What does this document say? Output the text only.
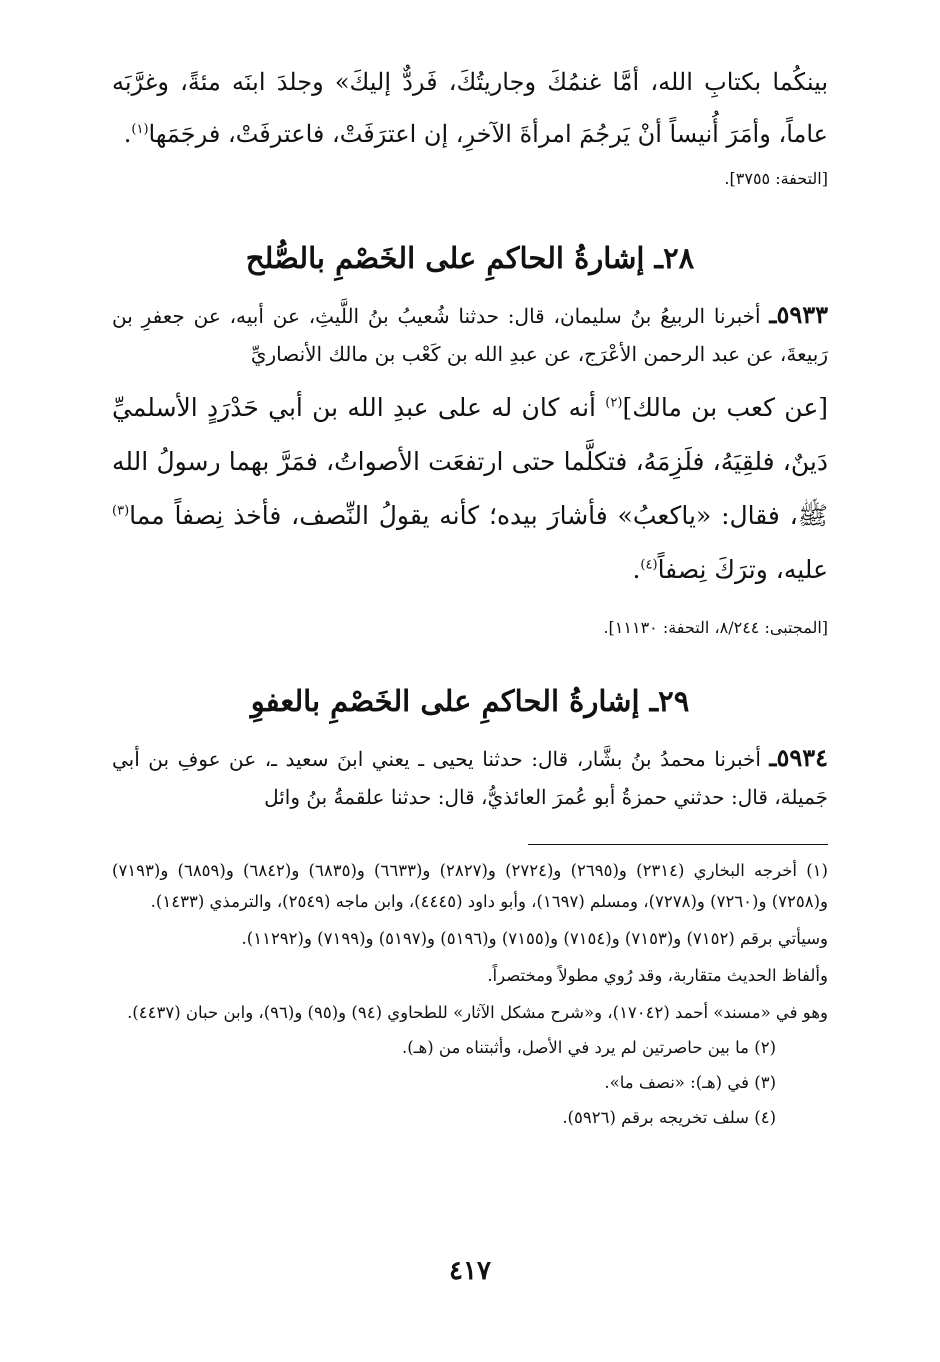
بينكُما بكتابِ الله، أمَّا غنمُكَ وجاريتُكَ، فَردٌّ إليكَ» وجلدَ ابنَه مئةً، وغرَّبَه عاماً، وأمَرَ أُنيساً أنْ يَرجُمَ امرأةَ الآخرِ، إن اعترَفَتْ، فاعترفَتْ، فرجَمَها$^{(١)}$.

[التحفة: ٣٧٥٥].

٢٨ـ إشارةُ الحاكمِ على الخَصْمِ بالصُّلح

٥٩٣٣ـ أخبرنا الربيعُ بنُ سليمان، قال: حدثنا شُعيبُ بنُ اللَّيثِ، عن أبيه، عن جعفرِ بن رَبيعةَ، عن عبد الرحمن الأعْرَج، عن عبدِ الله بن كَعْب بن مالك الأنصاريِّ

[عن كعب بن مالك]$^{(٢)}$ أنه كان له على عبدِ الله بن أبي حَدْرَدٍ الأسلميِّ دَينٌ، فلقِيَهُ، فلَزِمَهُ، فتكلَّما حتى ارتفعَت الأصواتُ، فمَرَّ بهما رسولُ الله ﷺ، فقال: «ياكعبُ» فأشارَ بيده؛ كأنه يقولُ النِّصف، فأخذ نِصفاً مما$^{(٣)}$ عليه، وترَكَ نِصفاً$^{(٤)}$.

[المجتبى: ٨/٢٤٤، التحفة: ١١١٣٠].

٢٩ـ إشارةُ الحاكمِ على الخَصْمِ بالعفوِ

٥٩٣٤ـ أخبرنا محمدُ بنُ بشَّار، قال: حدثنا يحيى ـ يعني ابنَ سعيد ـ، عن عوفِ بن أبي جَميلة، قال: حدثني حمزةُ أبو عُمرَ العائذيُّ، قال: حدثنا علقمةُ بنُ وائل

(١) أخرجه البخاري (٢٣١٤) و(٢٦٩٥) و(٢٧٢٤) و(٢٨٢٧) و(٦٦٣٣) و(٦٨٣٥) و(٦٨٤٢) و(٦٨٥٩) و(٧١٩٣) و(٧٢٥٨) و(٧٢٦٠) و(٧٢٧٨)، ومسلم (١٦٩٧)، وأبو داود (٤٤٤٥)، وابن ماجه (٢٥٤٩)، والترمذي (١٤٣٣).

وسيأتي برقم (٧١٥٢) و(٧١٥٣) و(٧١٥٤) و(٧١٥٥) و(٥١٩٦) و(٥١٩٧) و(٧١٩٩) و(١١٢٩٢).

وألفاظ الحديث متقاربة، وقد رُوي مطولاً ومختصراً.

وهو في «مسند» أحمد (١٧٠٤٢)، و«شرح مشكل الآثار» للطحاوي (٩٤) و(٩٥) و(٩٦)، وابن حبان (٤٤٣٧).

(٢) ما بين حاصرتين لم يرد في الأصل، وأثبتناه من (هـ).

(٣) في (هـ): «نصف ما».

(٤) سلف تخريجه برقم (٥٩٢٦).

٤١٧
